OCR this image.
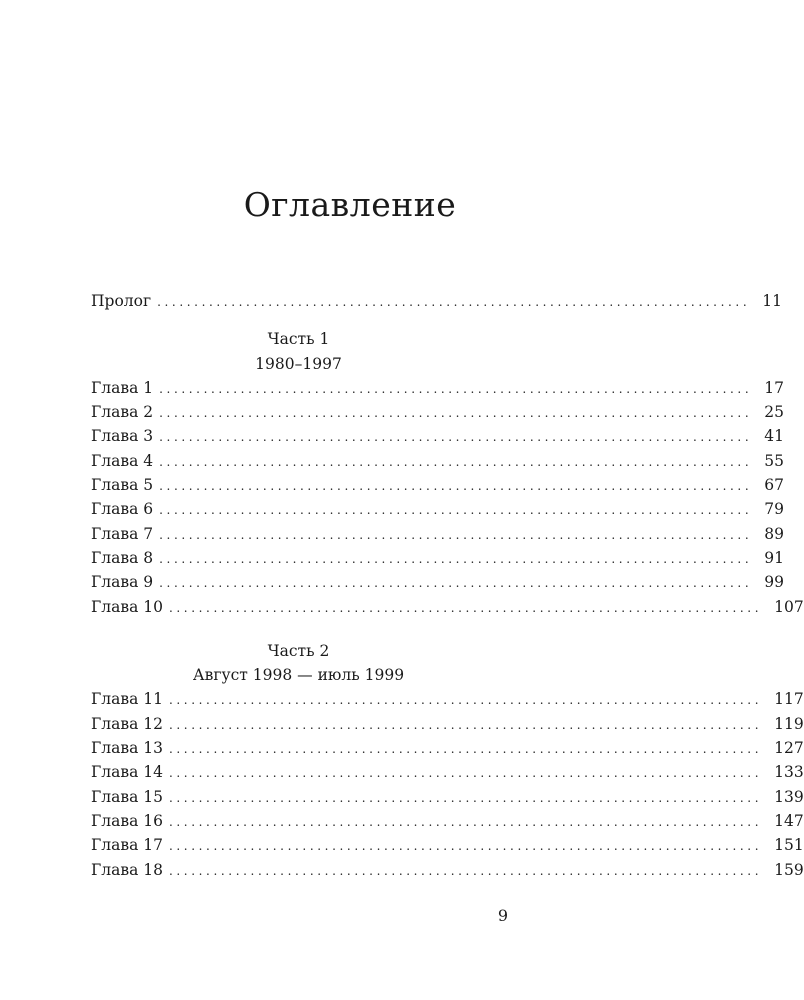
Оглавление
Пролог ................................................................................ 11
Часть 1
1980–1997
Глава 1 ................................................................................ 17
Глава 2 ................................................................................ 25
Глава 3 ................................................................................ 41
Глава 4 ................................................................................ 55
Глава 5 ................................................................................ 67
Глава 6 ................................................................................ 79
Глава 7 ................................................................................ 89
Глава 8 ................................................................................ 91
Глава 9 ................................................................................ 99
Глава 10 ................................................................................ 107
Часть 2
Август 1998 — июль 1999
Глава 11 ................................................................................ 117
Глава 12 ................................................................................ 119
Глава 13 ................................................................................ 127
Глава 14 ................................................................................ 133
Глава 15 ................................................................................ 139
Глава 16 ................................................................................ 147
Глава 17 ................................................................................ 151
Глава 18 ................................................................................ 159
9
